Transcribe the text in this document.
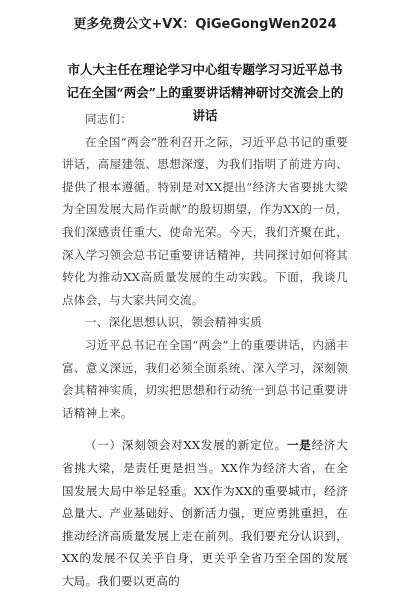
更多免费公文+VX：QiGeGongWen2024
市人大主任在理论学习中心组专题学习习近平总书记在全国“两会”上的重要讲话精神研讨交流会上的讲话

同志们：

在全国“两会”胜利召开之际，习近平总书记的重要讲话，高屋建瓴、思想深邃，为我们指明了前进方向、提供了根本遵循。特别是对XX提出“经济大省要挑大梁为全国发展大局作贡献”的殷切期望，作为XX的一员，我们深感责任重大、使命光荣。今天，我们齐聚在此，深入学习领会总书记重要讲话精神，共同探讨如何将其转化为推动XX高质量发展的生动实践。下面，我谈几点体会，与大家共同交流。

一、深化思想认识，领会精神实质

习近平总书记在全国“两会”上的重要讲话，内涵丰富、意义深远，我们必须全面系统、深入学习，深刻领会其精神实质，切实把思想和行动统一到总书记重要讲话精神上来。

（一）深刻领会对XX发展的新定位。一是经济大省挑大梁，是责任更是担当。XX作为经济大省，在全国发展大局中举足轻重。XX作为XX的重要城市，经济总量大、产业基础好、创新活力强，更应勇挑重担，在推动经济高质量发展上走在前列。我们要充分认识到，XX的发展不仅关乎自身，更关乎全省乃至全国的发展大局。我们要以更高的
